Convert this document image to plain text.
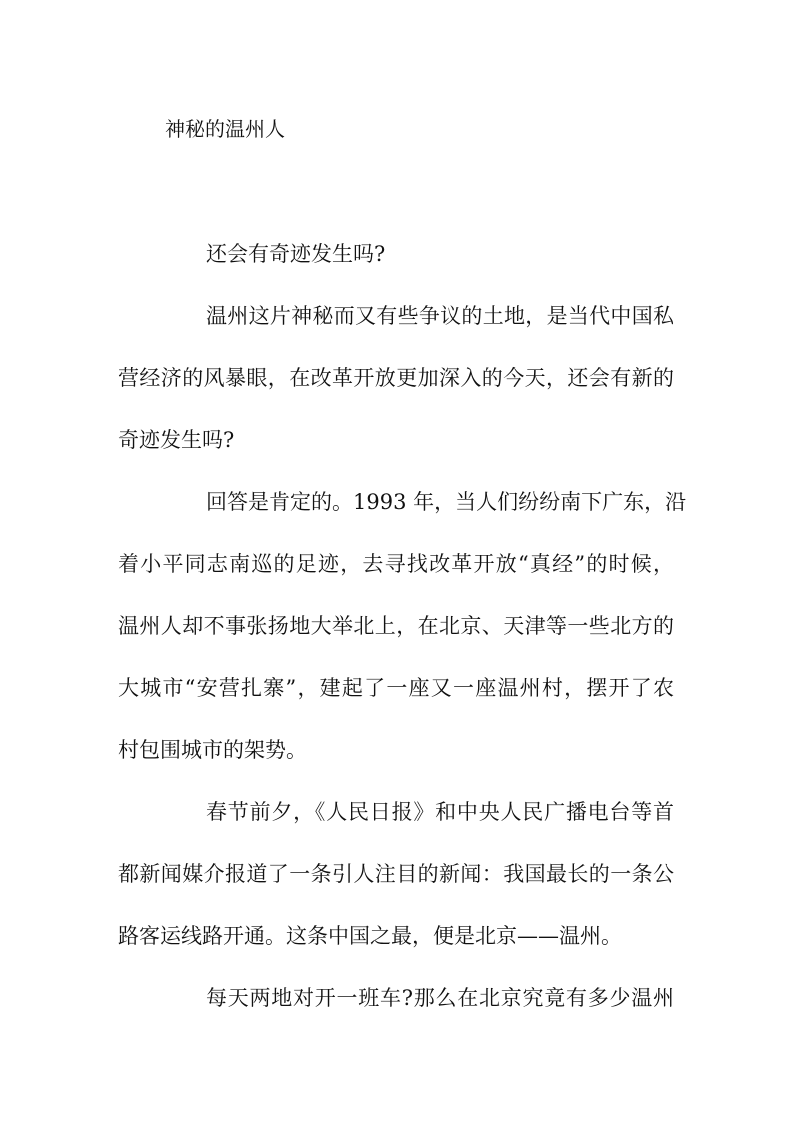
神秘的温州人
还会有奇迹发生吗?
温州这片神秘而又有些争议的土地，是当代中国私
营经济的风暴眼，在改革开放更加深入的今天，还会有新的
奇迹发生吗?
回答是肯定的。1993 年，当人们纷纷南下广东，沿
着小平同志南巡的足迹，去寻找改革开放“真经”的时候，
温州人却不事张扬地大举北上，在北京、天津等一些北方的
大城市“安营扎寨”，建起了一座又一座温州村，摆开了农
村包围城市的架势。
春节前夕，《人民日报》和中央人民广播电台等首
都新闻媒介报道了一条引人注目的新闻：我国最长的一条公
路客运线路开通。这条中国之最，便是北京——温州。
每天两地对开一班车?那么在北京究竟有多少温州
